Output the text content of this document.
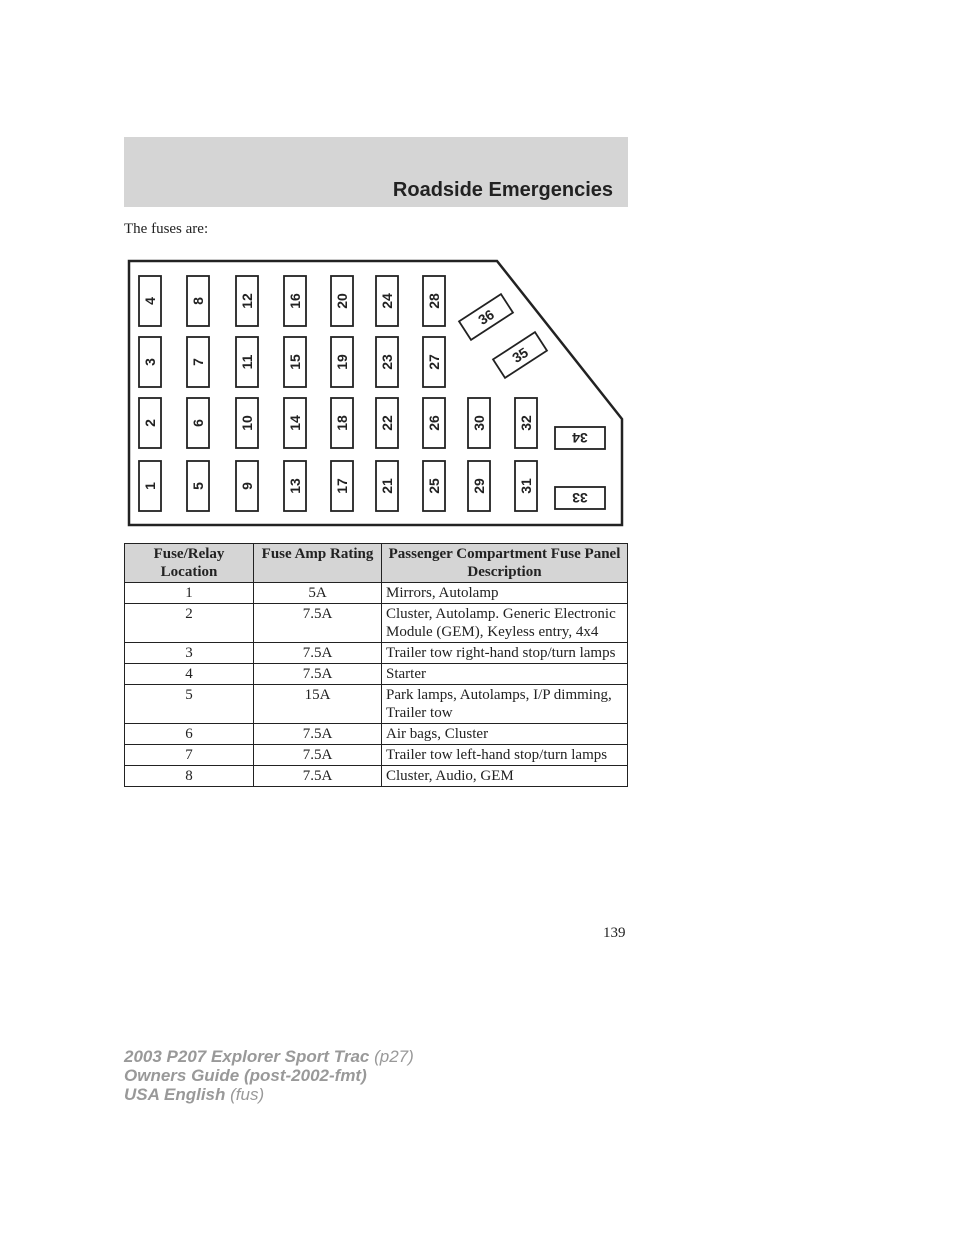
Roadside Emergencies
The fuses are:
1
2
3
4
5
6
7
8
9
10
11
12
13
14
15
16
17
18
19
20
21
22
23
24
25
26
27
28
29
30
31
32
33
34
35
36
Fuse/Relay Location	Fuse Amp Rating	Passenger Compartment Fuse Panel Description
1	5A	Mirrors, Autolamp
2	7.5A	Cluster, Autolamp. Generic Electronic Module (GEM), Keyless entry, 4x4
3	7.5A	Trailer tow right-hand stop/turn lamps
4	7.5A	Starter
5	15A	Park lamps, Autolamps, I/P dimming, Trailer tow
6	7.5A	Air bags, Cluster
7	7.5A	Trailer tow left-hand stop/turn lamps
8	7.5A	Cluster, Audio, GEM
139
2003 P207 Explorer Sport Trac (p27)
Owners Guide (post-2002-fmt)
USA English (fus)
